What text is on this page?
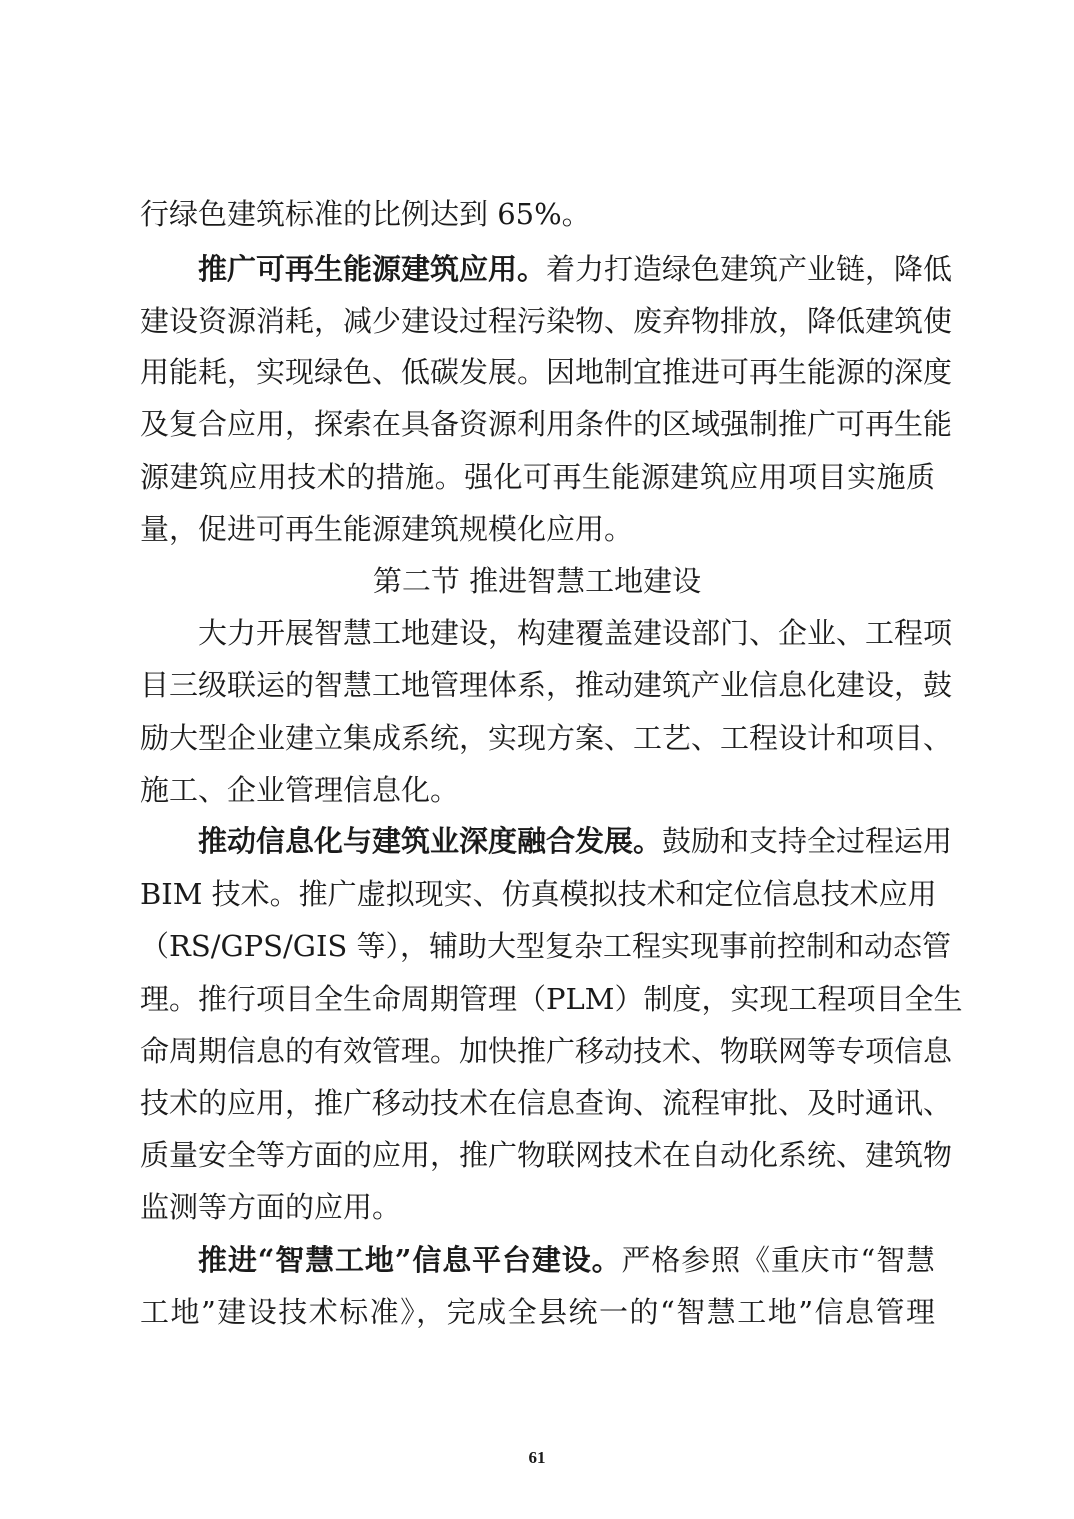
行绿色建筑标准的比例达到 65%。
推广可再生能源建筑应用。着力打造绿色建筑产业链，降低
建设资源消耗，减少建设过程污染物、废弃物排放，降低建筑使
用能耗，实现绿色、低碳发展。因地制宜推进可再生能源的深度
及复合应用，探索在具备资源利用条件的区域强制推广可再生能
源建筑应用技术的措施。强化可再生能源建筑应用项目实施质
量，促进可再生能源建筑规模化应用。
第二节 推进智慧工地建设
大力开展智慧工地建设，构建覆盖建设部门、企业、工程项
目三级联运的智慧工地管理体系，推动建筑产业信息化建设，鼓
励大型企业建立集成系统，实现方案、工艺、工程设计和项目、
施工、企业管理信息化。
推动信息化与建筑业深度融合发展。鼓励和支持全过程运用
BIM 技术。推广虚拟现实、仿真模拟技术和定位信息技术应用
（RS/GPS/GIS 等），辅助大型复杂工程实现事前控制和动态管
理。推行项目全生命周期管理（PLM）制度，实现工程项目全生
命周期信息的有效管理。加快推广移动技术、物联网等专项信息
技术的应用，推广移动技术在信息查询、流程审批、及时通讯、
质量安全等方面的应用，推广物联网技术在自动化系统、建筑物
监测等方面的应用。
推进“智慧工地”信息平台建设。严格参照《重庆市“智慧
工地”建设技术标准》，完成全县统一的“智慧工地”信息管理
61
